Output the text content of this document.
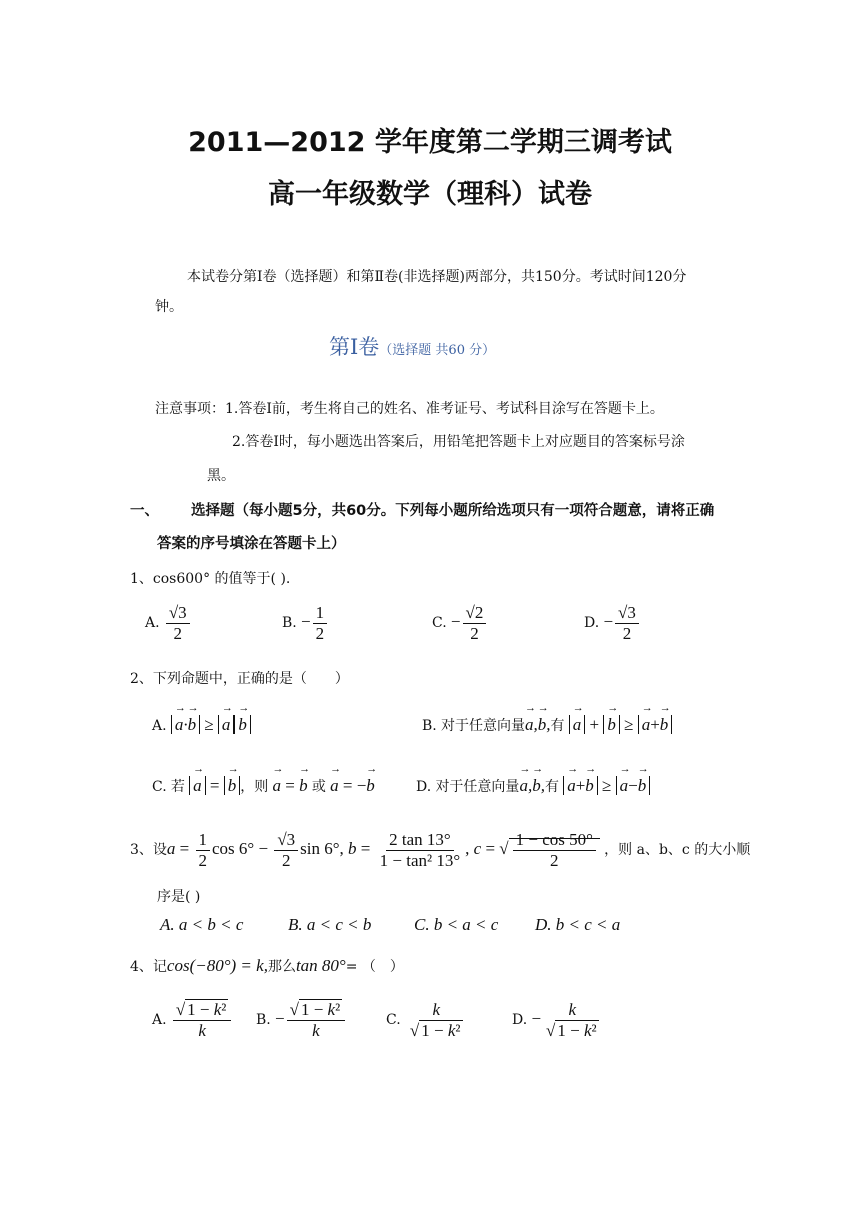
2011—2012 学年度第二学期三调考试
高一年级数学（理科）试卷
本试卷分第Ⅰ卷（选择题）和第Ⅱ卷(非选择题)两部分，共150分。考试时间120分
钟。
第Ⅰ卷（选择题 共60 分）
注意事项：1.答卷Ⅰ前，考生将自己的姓名、准考证号、考试科目涂写在答题卡上。
2.答卷Ⅰ时，每小题选出答案后，用铅笔把答题卡上对应题目的答案标号涂
黑。
一、 选择题（每小题5分，共60分。下列每小题所给选项只有一项符合题意，请将正确
答案的序号填涂在答题卡上）
1、cos600° 的值等于( ).
A. $\frac{√3}{2}$	B. − $\frac{1}{2}$	C. − $\frac{√2}{2}$	D. − $\frac{√3}{2}$
2、下列命题中，正确的是（　　）
A. → a·→ b ≥ → a → b	B. 对于任意向量→ a,→ b,有 → a + → b ≥ → a+→ b
C. 若 → a = → b ，则 → a = → b 或 → a = −→ b	D. 对于任意向量→ a,→ b,有 → a+→ b ≥ → a−→ b
3、设$a = \frac{1}{2}$ $\cos 6^\circ - \frac{√3}{2}$ sin 6°, $b = \frac{2 \tan 13^\circ}{\text{1 − tan² 13°}}$ , c = √ $\frac{1 - \cos 50^\circ}{2}$ ，则 a、b、c 的大小顺
序是( )
A. a < b < c	B. a < c < b	C. b < a < c D. b < c < a
4、记cos(−80°) = k,那么tan 80°= （　）
A. $\frac{\text{√ 1 − k²}}{k} B$. − $\frac{\text{√ 1 − k²}}{k}$	C. $\frac{k}{\text{√ 1 − k²}}$	D. − $\frac{k}{\text{√ 1 − k²}}$
